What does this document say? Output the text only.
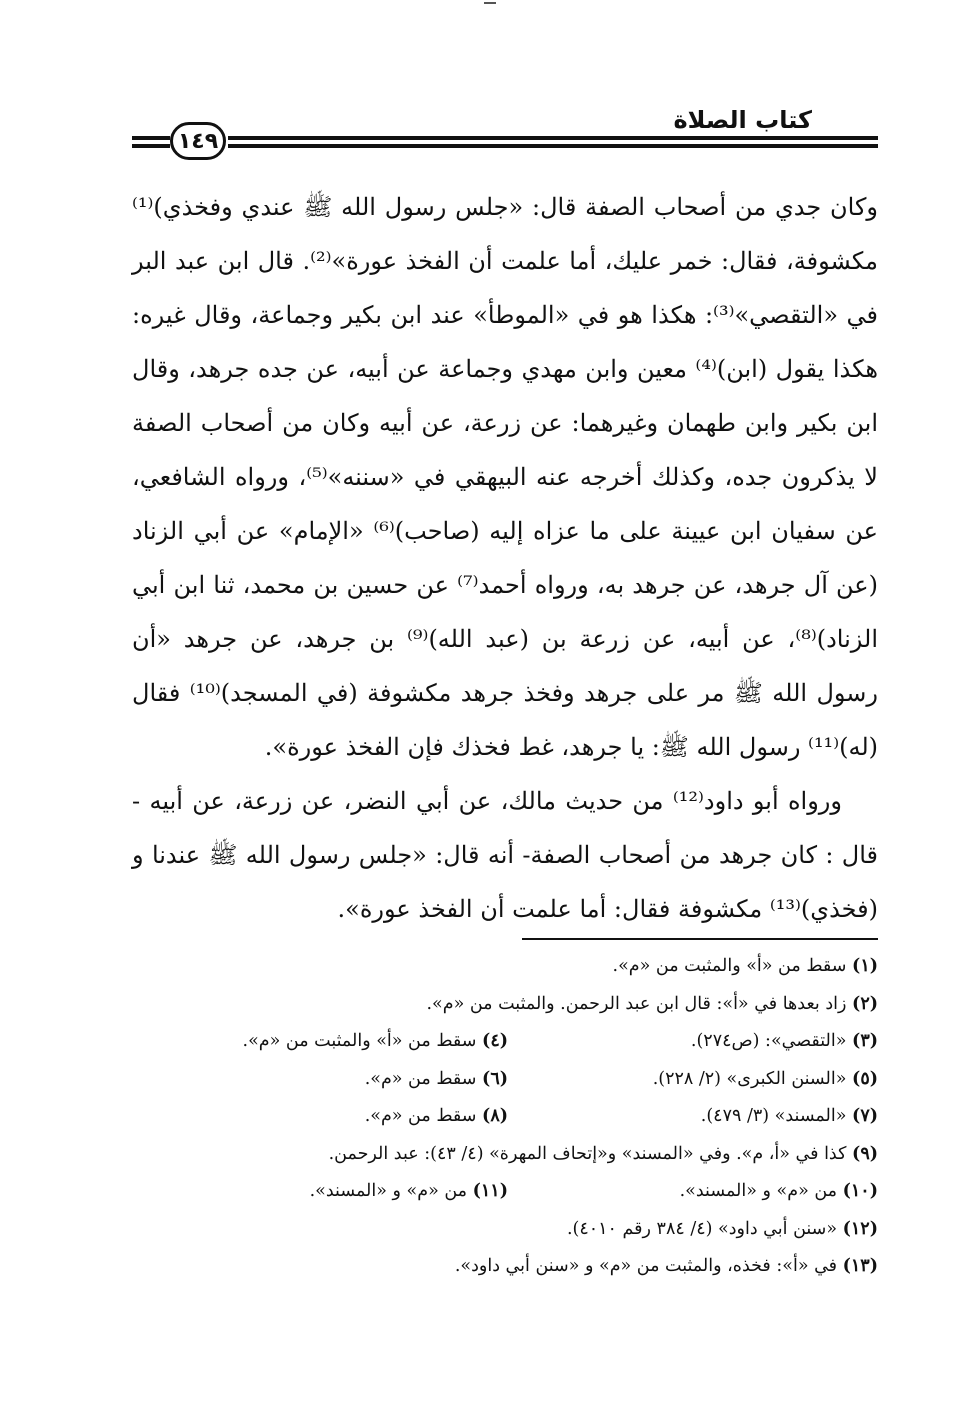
كتاب الصلاة
١٤٩

وكان جدي من أصحاب الصفة قال: «جلس رسول الله ﷺ عندي وفخذي)⁽¹⁾ مكشوفة، فقال: خمر عليك، أما علمت أن الفخذ عورة»⁽²⁾. قال ابن عبد البر في «التقصي»⁽³⁾: هكذا هو في «الموطأ» عند ابن بكير وجماعة، وقال غيره: هكذا يقول (ابن)⁽⁴⁾ معين وابن مهدي وجماعة عن أبيه، عن جده جرهد، وقال ابن بكير وابن طهمان وغيرهما: عن زرعة، عن أبيه وكان من أصحاب الصفة لا يذكرون جده، وكذلك أخرجه عنه البيهقي في «سننه»⁽⁵⁾، ورواه الشافعي، عن سفيان ابن عيينة على ما عزاه إليه (صاحب)⁽⁶⁾ «الإمام» عن أبي الزناد (عن آل جرهد، عن جرهد به، ورواه أحمد⁽⁷⁾ عن حسين بن محمد، ثنا ابن أبي الزناد)⁽⁸⁾، عن أبيه، عن زرعة بن (عبد الله)⁽⁹⁾ بن جرهد، عن جرهد «أن رسول الله ﷺ مر على جرهد وفخذ جرهد مكشوفة (في المسجد)⁽¹⁰⁾ فقال (له)⁽¹¹⁾ رسول الله ﷺ: يا جرهد، غط فخذك فإن الفخذ عورة».

ورواه أبو داود⁽¹²⁾ من حديث مالك، عن أبي النضر، عن زرعة، عن أبيه - قال : كان جرهد من أصحاب الصفة- أنه قال: «جلس رسول الله ﷺ عندنا و (فخذي)⁽¹³⁾ مكشوفة فقال: أما علمت أن الفخذ عورة».

(١) سقط من «أ» والمثبت من «م».
(٢) زاد بعدها في «أ»: قال ابن عبد الرحمن. والمثبت من «م».
(٣) «التقصي»: (ص٢٧٤).
(٤) سقط من «أ» والمثبت من «م».
(٥) «السنن الكبرى» (٢/ ٢٢٨).
(٦) سقط من «م».
(٧) «المسند» (٣/ ٤٧٩).
(٨) سقط من «م».
(٩) كذا في «أ، م». وفي «المسند» و«إتحاف المهرة» (٤/ ٤٣): عبد الرحمن.
(١٠) من «م» و «المسند».
(١١) من «م» و «المسند».
(١٢) «سنن أبي داود» (٤/ ٣٨٤ رقم ٤٠١٠).
(١٣) في «أ»: فخذه، والمثبت من «م» و «سنن أبي داود».
